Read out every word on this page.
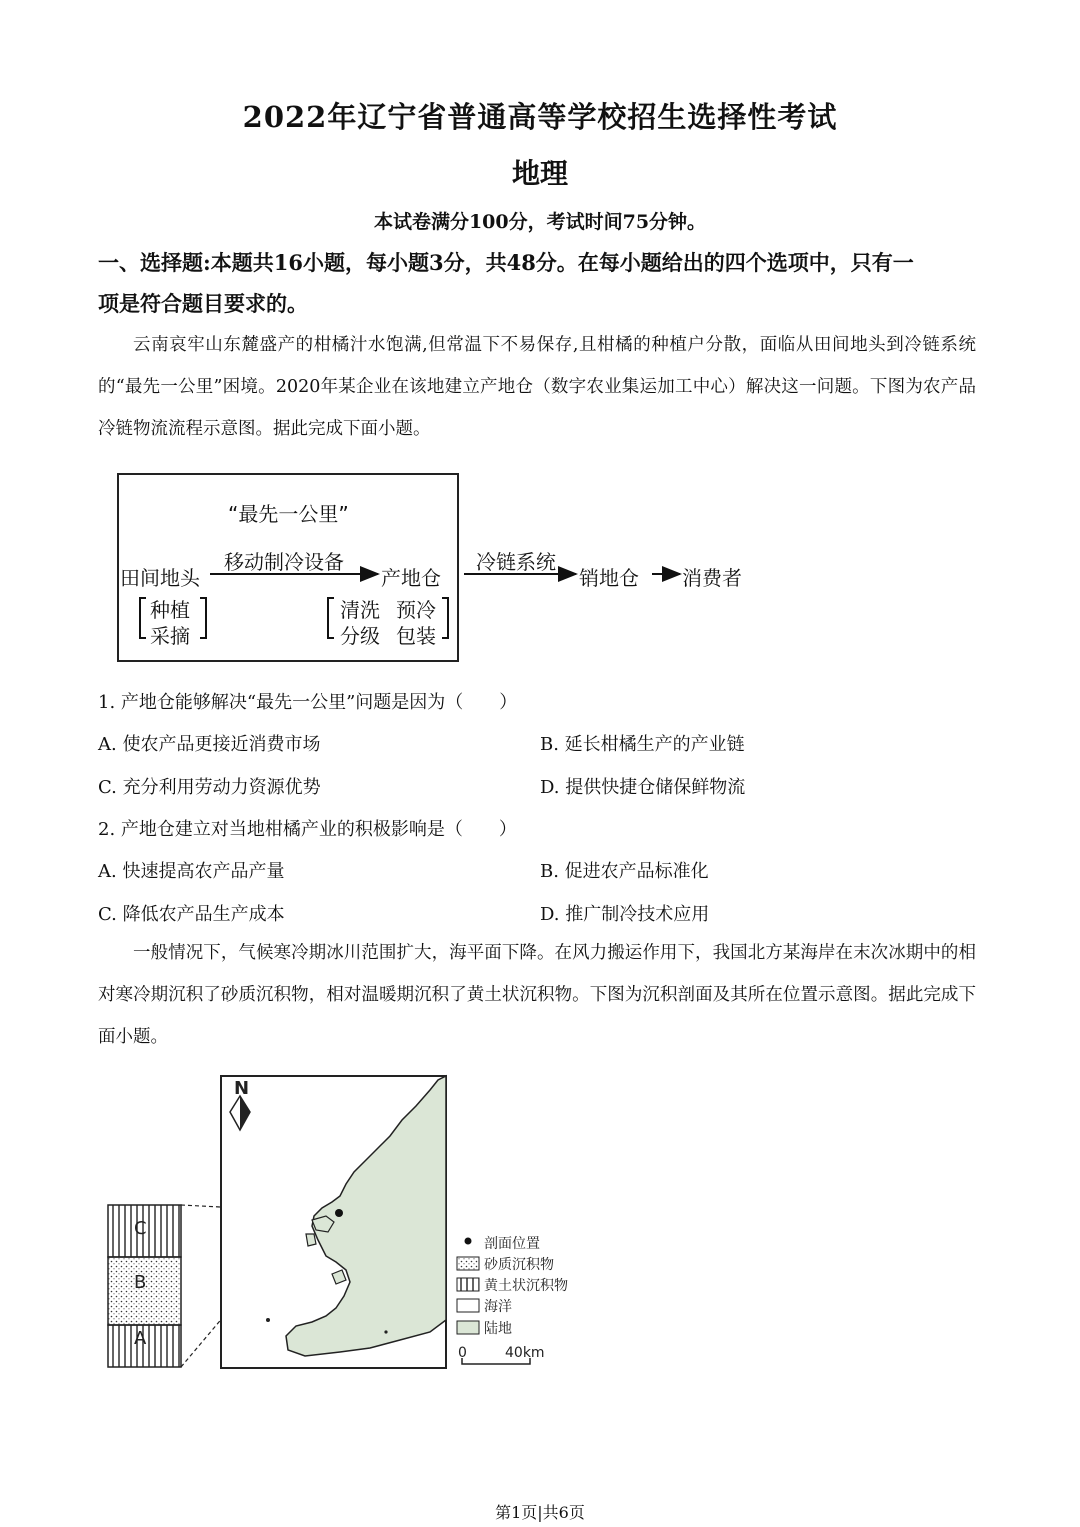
2022年辽宁省普通高等学校招生选择性考试
地理
本试卷满分100分，考试时间75分钟。
一、选择题:本题共16小题，每小题3分，共48分。在每小题给出的四个选项中，只有一
项是符合题目要求的。
云南哀牢山东麓盛产的柑橘汁水饱满,但常温下不易保存,且柑橘的种植户分散，面临从田间地头到冷链系统的“最先一公里”困境。2020年某企业在该地建立产地仓（数字农业集运加工中心）解决这一问题。下图为农产品冷链物流流程示意图。据此完成下面小题。
“最先一公里”
田间地头
移动制冷设备
产地仓
冷链系统
销地仓 消费者
种植
采摘
清洗 预冷
分级 包装
1. 产地仓能够解决“最先一公里”问题是因为（　　）
A. 使农产品更接近消费市场	B. 延长柑橘生产的产业链
C. 充分利用劳动力资源优势	D. 提供快捷仓储保鲜物流
2. 产地仓建立对当地柑橘产业的积极影响是（　　）
A. 快速提高农产品产量	B. 促进农产品标准化
C. 降低农产品生产成本	D. 推广制冷技术应用
一般情况下，气候寒冷期冰川范围扩大，海平面下降。在风力搬运作用下，我国北方某海岸在末次冰期中的相对寒冷期沉积了砂质沉积物，相对温暖期沉积了黄土状沉积物。下图为沉积剖面及其所在位置示意图。据此完成下面小题。
N
C
B
A
剖面位置
砂质沉积物
黄土状沉积物
海洋
陆地
0	40km
第1页|共6页
